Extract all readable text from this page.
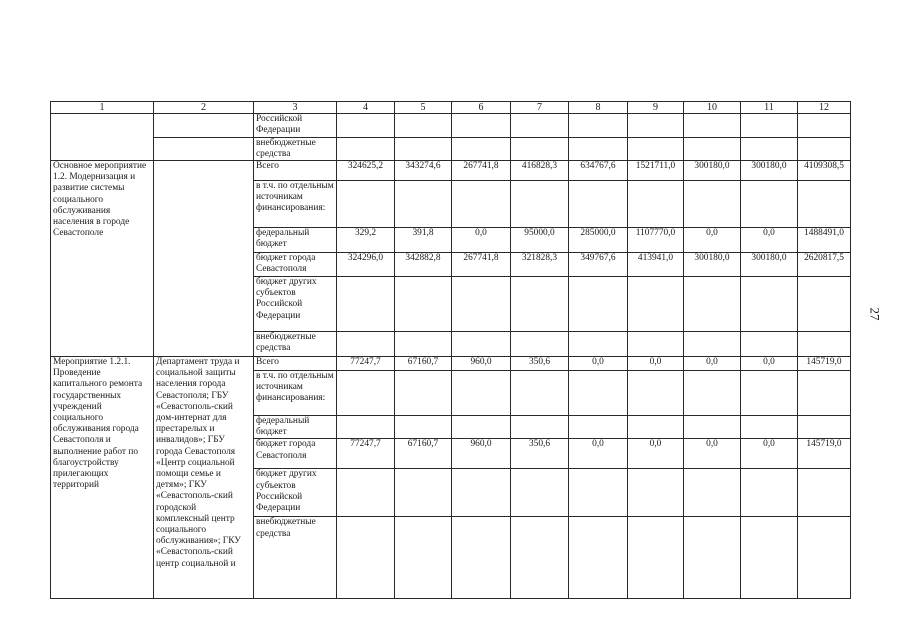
27
1	2	3	4	5	6	7	8	9	10	11	12
		Российской Федерации									
		внебюджетные средства									
Основное мероприятие 1.2. Модернизация и развитие системы социального обслуживания населения в городе Севастополе		Всего	324625,2	343274,6	267741,8	416828,3	634767,6	1521711,0	300180,0	300180,0	4109308,5
		в т.ч. по отдельным источникам финансирования:									
		федеральный бюджет	329,2	391,8	0,0	95000,0	285000,0	1107770,0	0,0	0,0	1488491,0
		бюджет города Севастополя	324296,0	342882,8	267741,8	321828,3	349767,6	413941,0	300180,0	300180,0	2620817,5
		бюджет других субъектов Российской Федерации									
		внебюджетные средства									
Мероприятие 1.2.1. Проведение капитального ремонта государственных учреждений социального обслуживания города Севастополя и выполнение работ по благоустройству прилегающих территорий	Департамент труда и социальной защиты населения города Севастополя; ГБУ «Севастополь-ский дом-интернат для престарелых и инвалидов»; ГБУ города Севастополя «Центр социальной помощи семье и детям»; ГКУ «Севастополь-ский городской комплексный центр социального обслуживания»; ГКУ «Севастополь-ский центр социальной и	Всего	77247,7	67160,7	960,0	350,6	0,0	0,0	0,0	0,0	145719,0
		в т.ч. по отдельным источникам финансирования:									
		федеральный бюджет									
		бюджет города Севастополя	77247,7	67160,7	960,0	350,6	0,0	0,0	0,0	0,0	145719,0
		бюджет других субъектов Российской Федерации									
		внебюджетные средства									
